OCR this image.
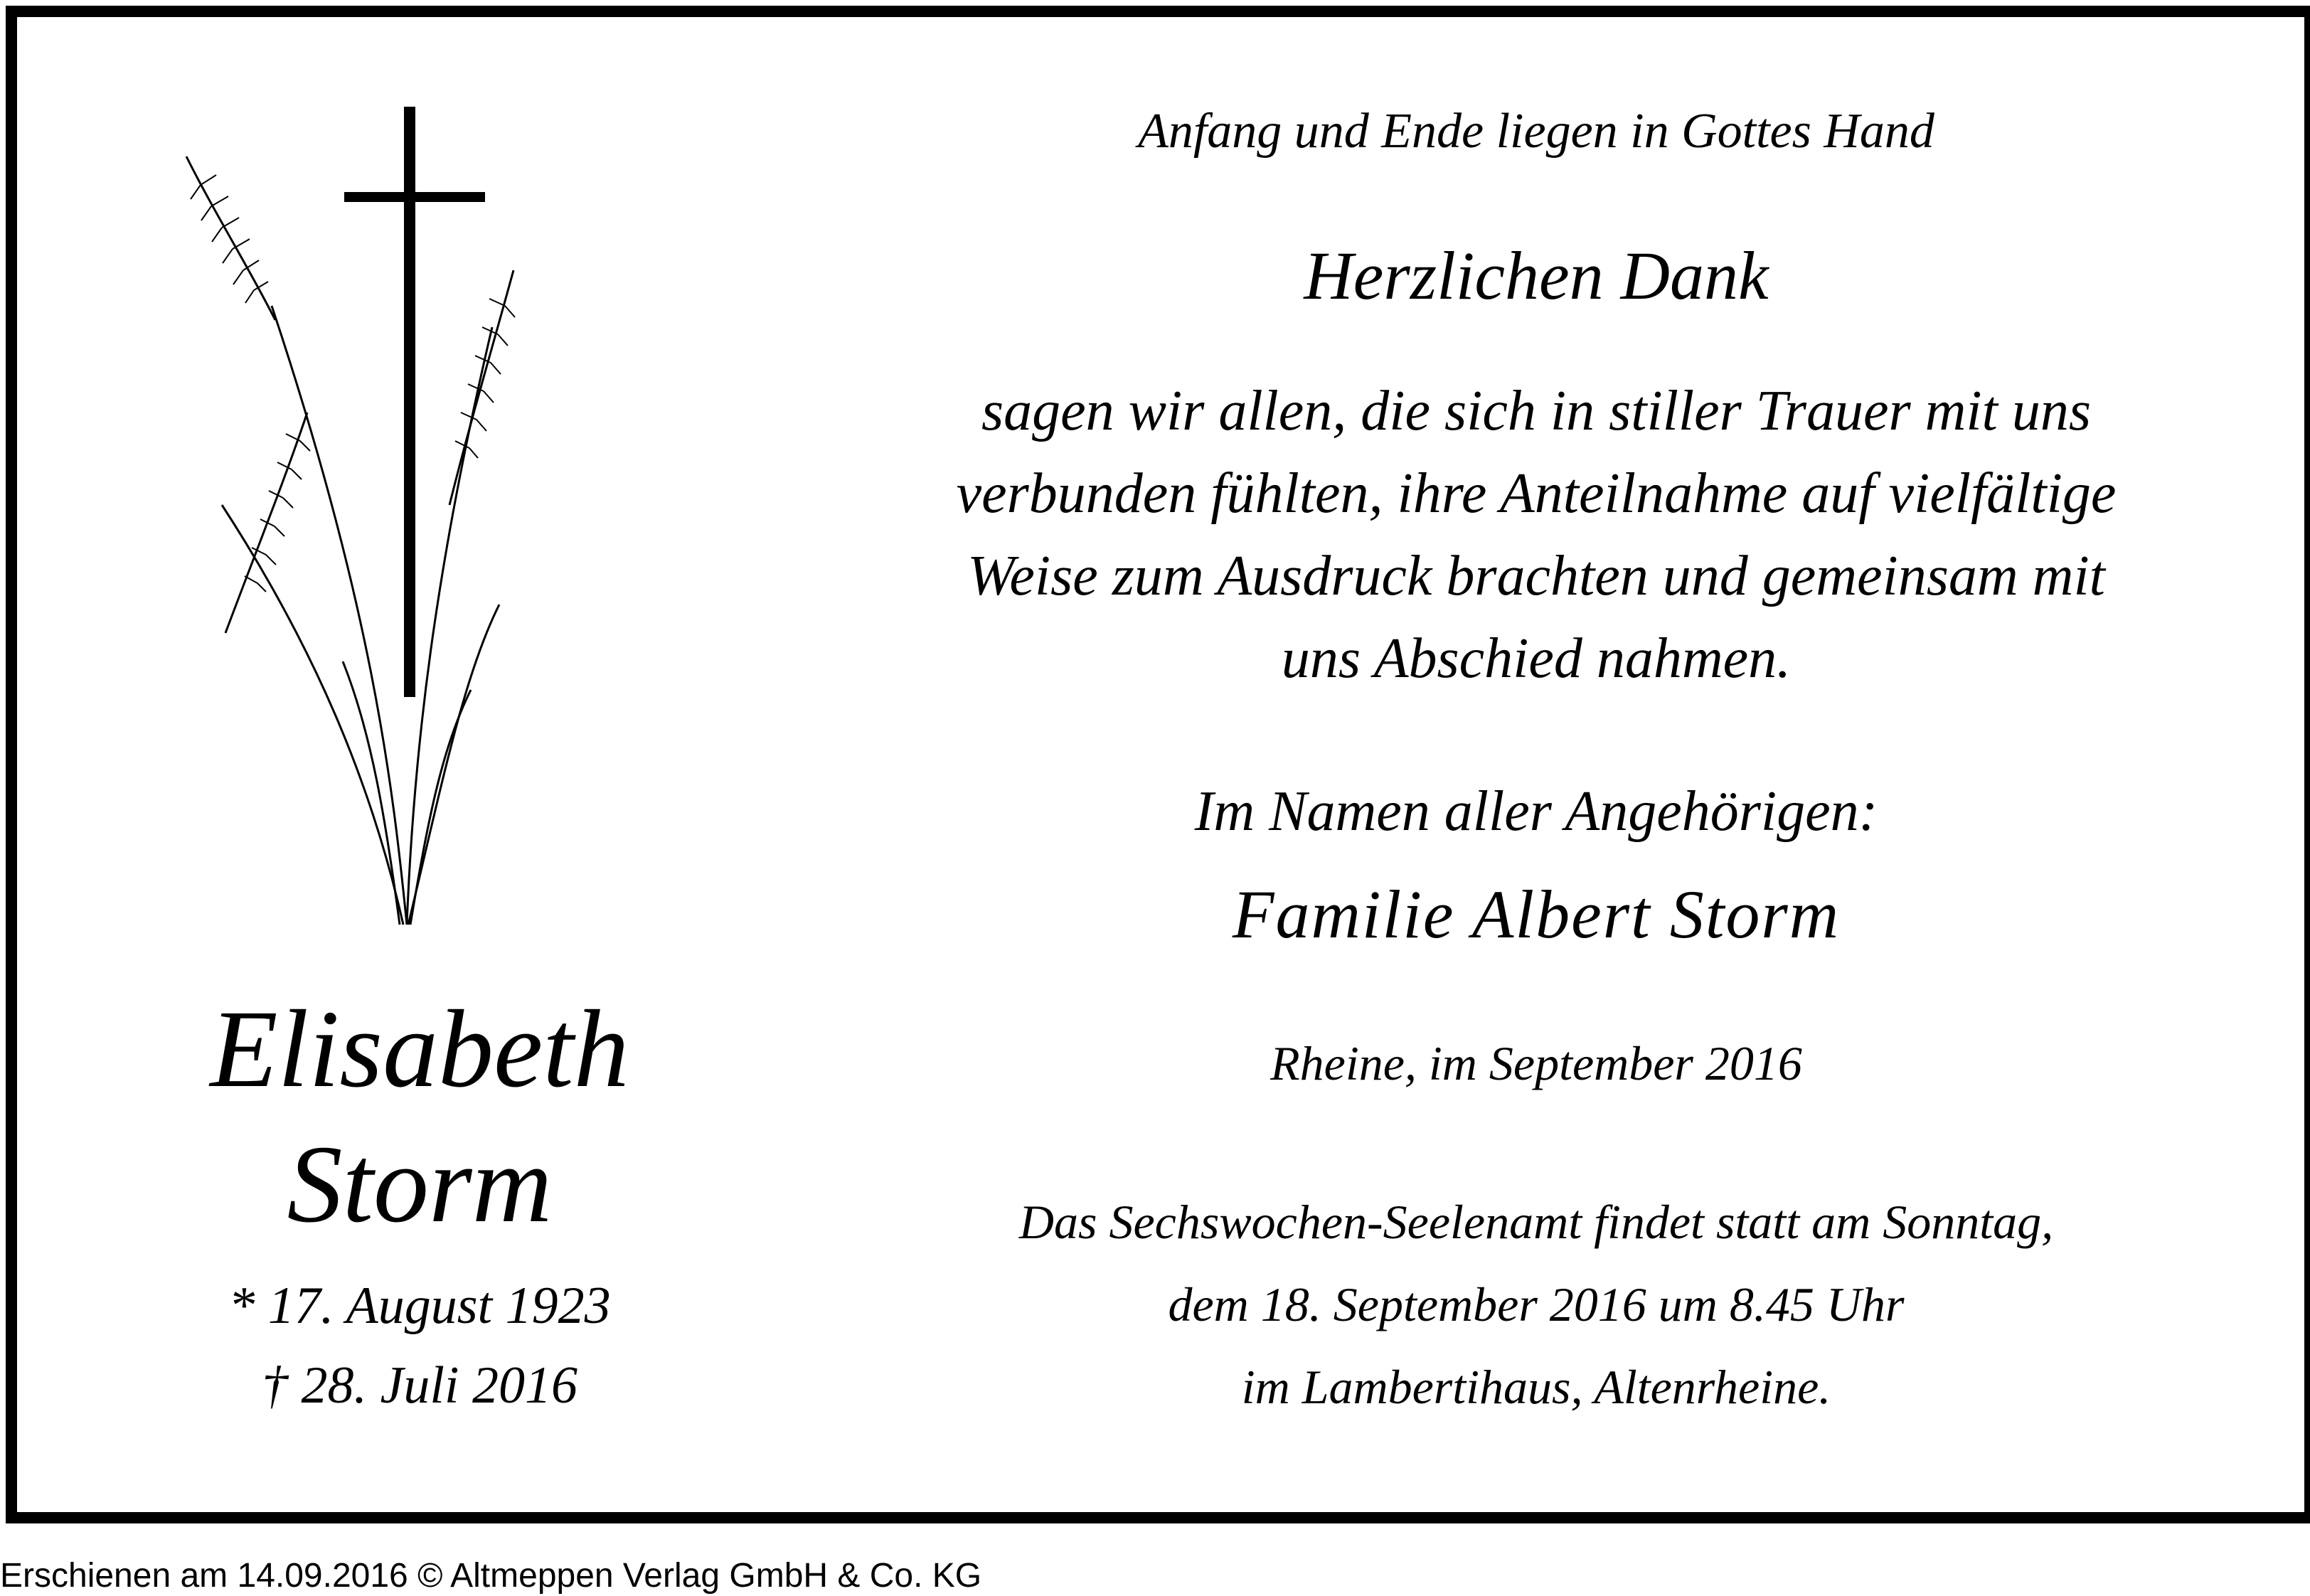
Elisabeth
Storm
* 17. August 1923
† 28. Juli 2016
Anfang und Ende liegen in Gottes Hand
Herzlichen Dank
sagen wir allen, die sich in stiller Trauer mit uns
verbunden fühlten, ihre Anteilnahme auf vielfältige
Weise zum Ausdruck brachten und gemeinsam mit
uns Abschied nahmen.
Im Namen aller Angehörigen:
Familie Albert Storm
Rheine, im September 2016
Das Sechswochen-Seelenamt findet statt am Sonntag,
dem 18. September 2016 um 8.45 Uhr
im Lambertihaus, Altenrheine.
Erschienen am 14.09.2016 © Altmeppen Verlag GmbH & Co. KG
